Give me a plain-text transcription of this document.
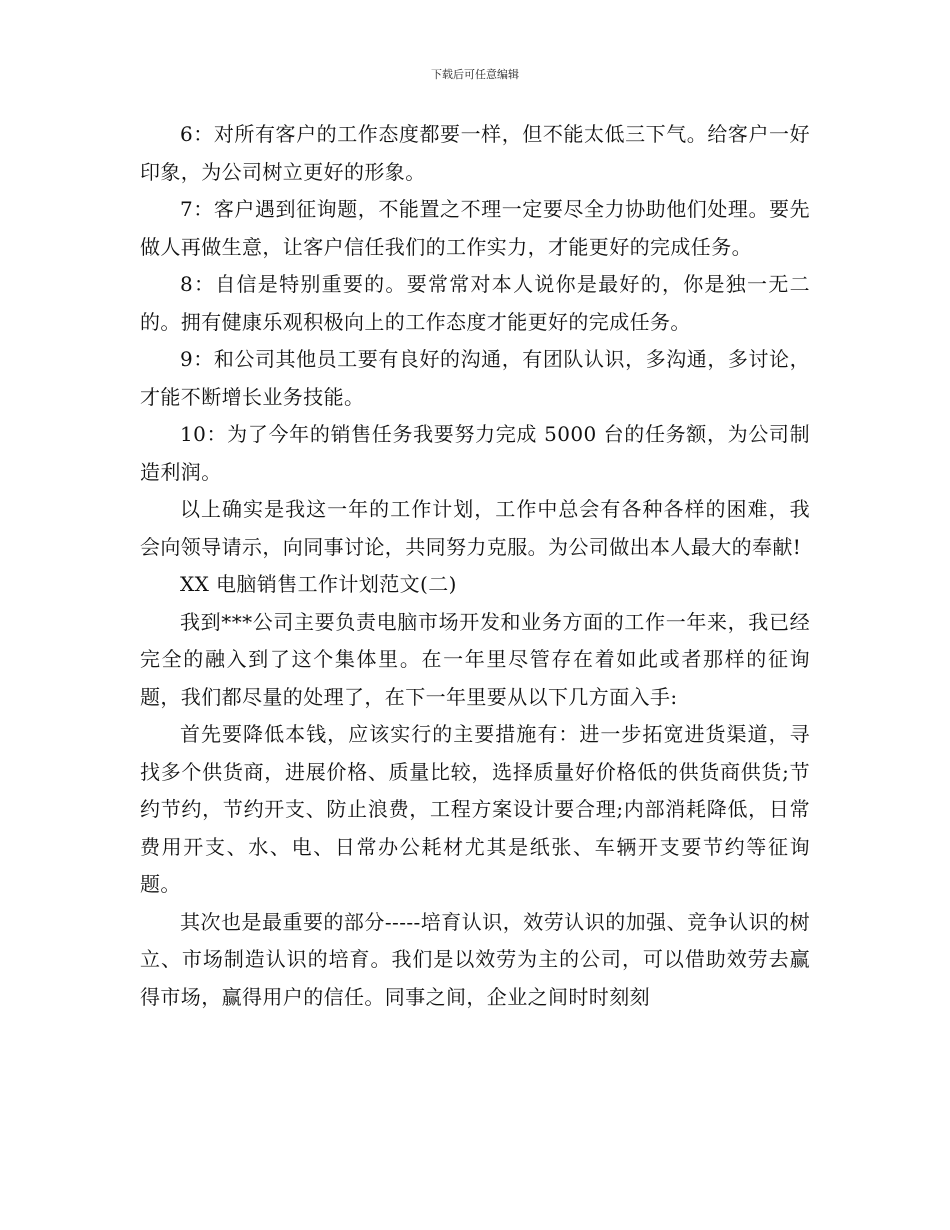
下载后可任意编辑

6：对所有客户的工作态度都要一样，但不能太低三下气。给客户一好印象，为公司树立更好的形象。

7：客户遇到征询题，不能置之不理一定要尽全力协助他们处理。要先做人再做生意，让客户信任我们的工作实力，才能更好的完成任务。

8：自信是特别重要的。要常常对本人说你是最好的，你是独一无二的。拥有健康乐观积极向上的工作态度才能更好的完成任务。

9：和公司其他员工要有良好的沟通，有团队认识，多沟通，多讨论，才能不断增长业务技能。

10：为了今年的销售任务我要努力完成 5000 台的任务额，为公司制造利润。

以上确实是我这一年的工作计划，工作中总会有各种各样的困难，我会向领导请示，向同事讨论，共同努力克服。为公司做出本人最大的奉献!

XX 电脑销售工作计划范文(二)

我到***公司主要负责电脑市场开发和业务方面的工作一年来，我已经完全的融入到了这个集体里。在一年里尽管存在着如此或者那样的征询题，我们都尽量的处理了，在下一年里要从以下几方面入手:

首先要降低本钱，应该实行的主要措施有：进一步拓宽进货渠道，寻找多个供货商，进展价格、质量比较，选择质量好价格低的供货商供货;节约节约，节约开支、防止浪费，工程方案设计要合理;内部消耗降低，日常费用开支、水、电、日常办公耗材尤其是纸张、车辆开支要节约等征询题。

其次也是最重要的部分-----培育认识，效劳认识的加强、竞争认识的树立、市场制造认识的培育。我们是以效劳为主的公司，可以借助效劳去赢得市场，赢得用户的信任。同事之间，企业之间时时刻刻
